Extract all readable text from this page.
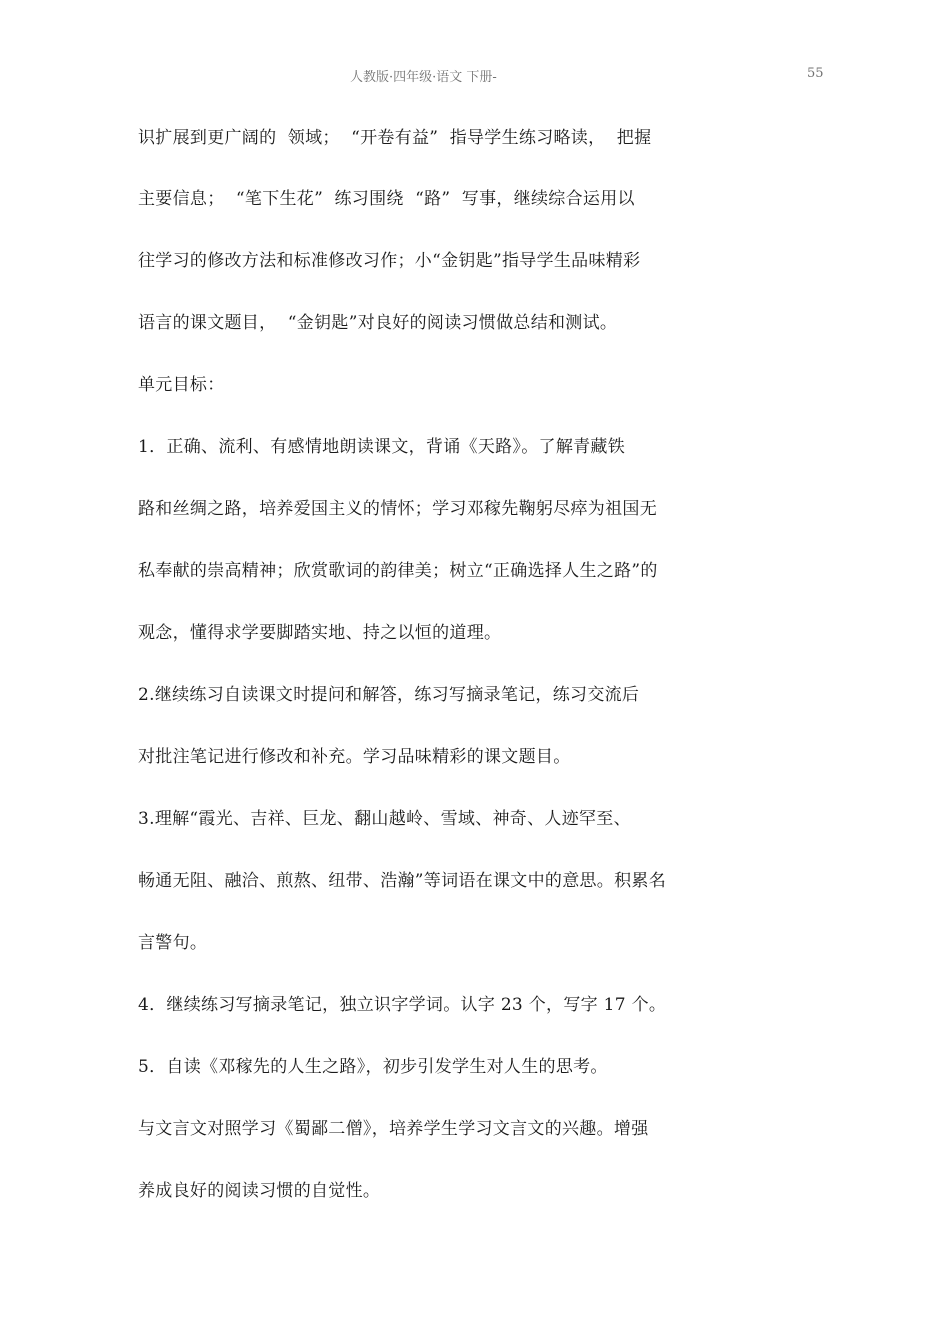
人教版·四年级·语文 下册-	55
识扩展到更广阔的  领域；  “开卷有益”  指导学生练习略读，  把握
主要信息；  “笔下生花”  练习围绕  “路”  写事，继续综合运用以
往学习的修改方法和标准修改习作；小“金钥匙”指导学生品味精彩
语言的课文题目，  “金钥匙”对良好的阅读习惯做总结和测试。
单元目标：
1．正确、流利、有感情地朗读课文，背诵《天路》。了解青藏铁
路和丝绸之路，培养爱国主义的情怀；学习邓稼先鞠躬尽瘁为祖国无
私奉献的崇高精神；欣赏歌词的韵律美；树立“正确选择人生之路”的
观念，懂得求学要脚踏实地、持之以恒的道理。
2.继续练习自读课文时提问和解答，练习写摘录笔记，练习交流后
对批注笔记进行修改和补充。学习品味精彩的课文题目。
3.理解“霞光、吉祥、巨龙、翻山越岭、雪域、神奇、人迹罕至、
畅通无阻、融洽、煎熬、纽带、浩瀚”等词语在课文中的意思。积累名
言警句。
4．继续练习写摘录笔记，独立识字学词。认字 23 个，写字 17 个。
5．自读《邓稼先的人生之路》，初步引发学生对人生的思考。
与文言文对照学习《蜀鄙二僧》，培养学生学习文言文的兴趣。增强
养成良好的阅读习惯的自觉性。
